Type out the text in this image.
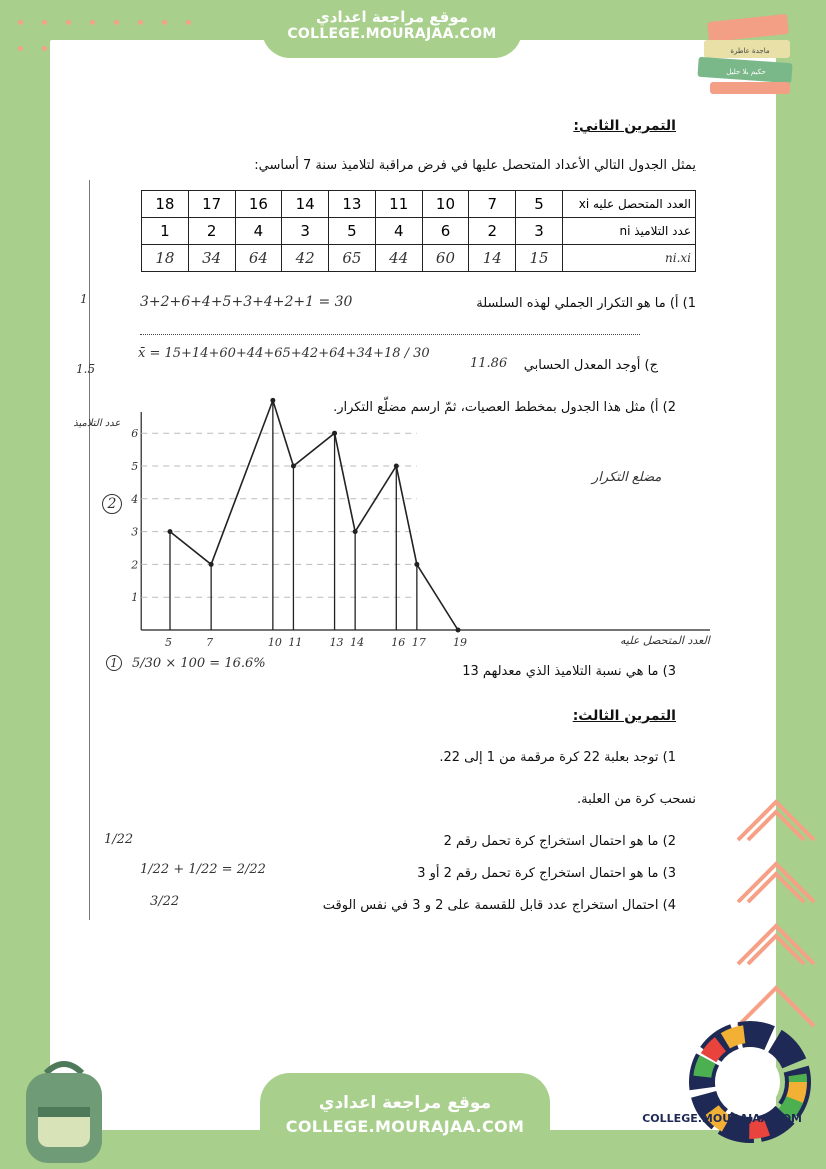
موقع مراجعة اعدادي
COLLEGE.MOURAJAA.COM
ماجدة عاطرة
حكيم بلا جليل
1
1.5
2
1
التمرين الثاني:
يمثل الجدول التالي الأعداد المتحصل عليها في فرض مراقبة لتلاميذ سنة 7 أساسي:
18	17	16	14	13	11	10	7	5	العدد المتحصل عليه xi
1	2	4	3	5	4	6	2	3	عدد التلاميذ ni
18	34	64	42	65	44	60	14	15	ni.xi
1) أ) ما هو التكرار الجملي لهذه السلسلة
3+2+6+4+5+3+4+2+1 = 30
x̄ = 15+14+60+44+65+42+64+34+18 / 30
ج) أوجد المعدل الحسابي
11.86
2) أ) مثل هذا الجدول بمخطط العصيات، ثمّ ارسم مضلّع التكرار.
1
2
3
4
5
6
5	7	10 11 13 14 16 17 19
عدد التلاميذ
العدد المتحصل عليه
مضلع التكرار
3) ما هي نسبة التلاميذ الذي معدلهم 13
5/30 × 100 = 16.6%
التمرين الثالث:
1) توجد بعلبة 22 كرة مرقمة من 1 إلى 22.
نسحب كرة من العلبة.
2) ما هو احتمال استخراج كرة تحمل رقم 2
1/22
3) ما هو احتمال استخراج كرة تحمل رقم 2 أو 3
1/22 + 1/22 = 2/22
4) احتمال استخراج عدد قابل للقسمة على 2 و 3 في نفس الوقت
3/22
موقع مراجعة اعدادي
COLLEGE.MOURAJAA.COM	COLLEGE.MOURAJAA.COM
